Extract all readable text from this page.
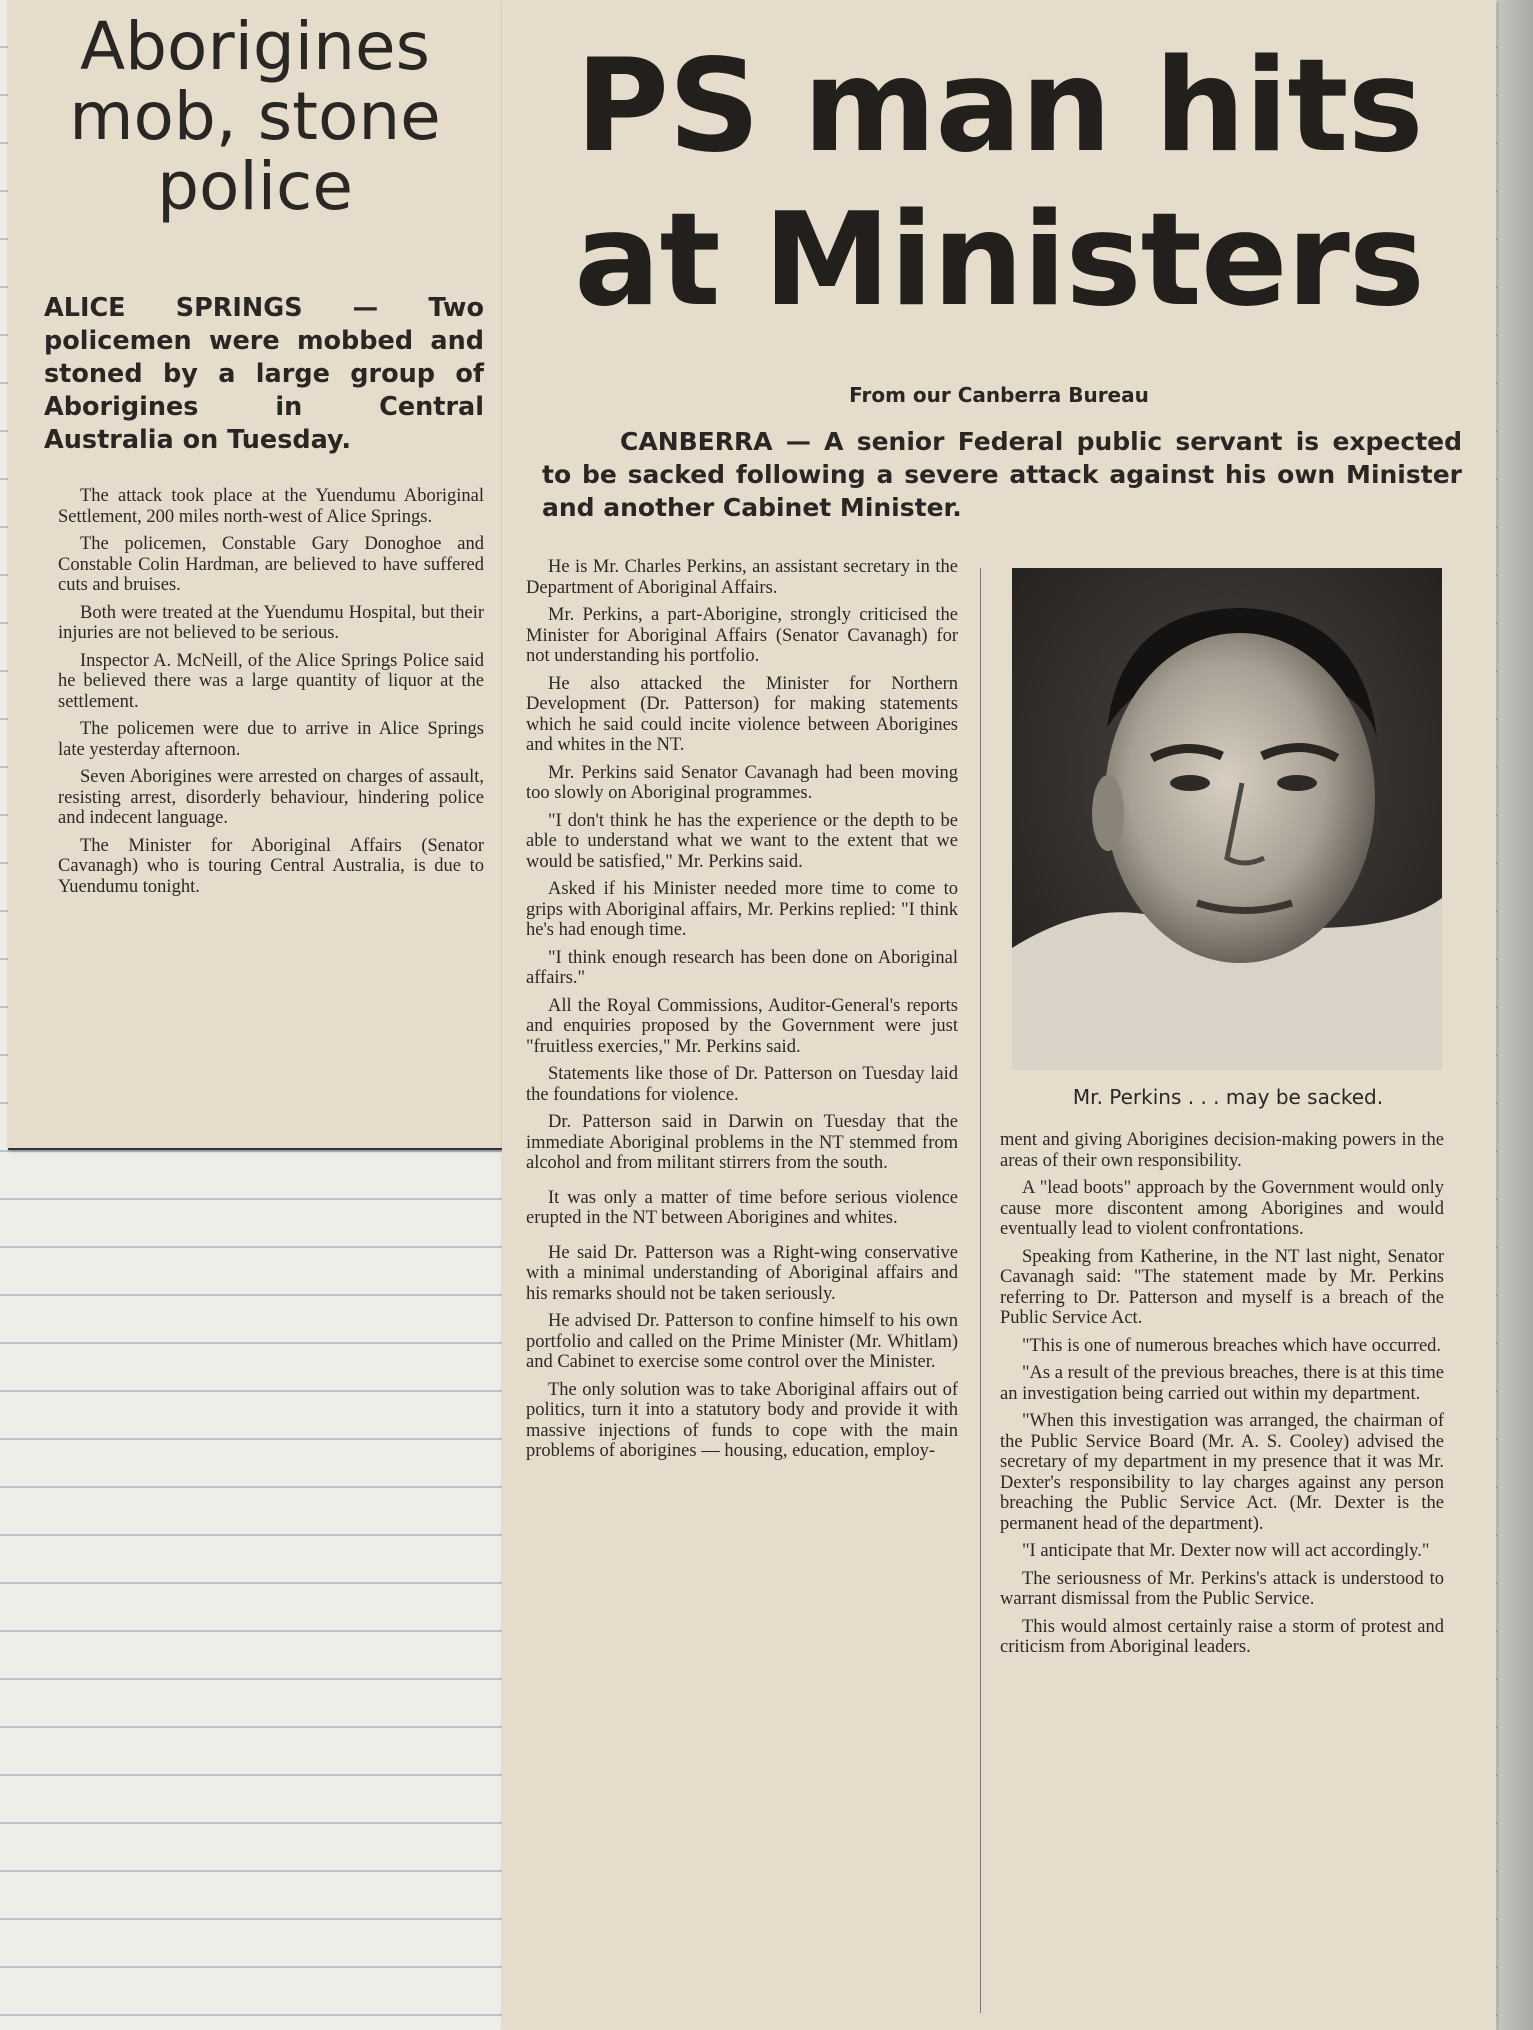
Aborigines mob, stone police

ALICE SPRINGS — Two policemen were mobbed and stoned by a large group of Aborigines in Central Australia on Tuesday.

The attack took place at the Yuendumu Aboriginal Settlement, 200 miles north-west of Alice Springs.

The policemen, Constable Gary Donoghoe and Constable Colin Hardman, are believed to have suffered cuts and bruises.

Both were treated at the Yuendumu Hospital, but their injuries are not believed to be serious.

Inspector A. McNeill, of the Alice Springs Police said he believed there was a large quantity of liquor at the settlement.

The policemen were due to arrive in Alice Springs late yesterday afternoon.

Seven Aborigines were arrested on charges of assault, resisting arrest, disorderly behaviour, hindering police and indecent language.

The Minister for Aboriginal Affairs (Senator Cavanagh) who is touring Central Australia, is due to Yuendumu tonight.

PS man hits
at Ministers
From our Canberra Bureau

CANBERRA — A senior Federal public servant is expected to be sacked following a severe attack against his own Minister and another Cabinet Minister.

He is Mr. Charles Perkins, an assistant secretary in the Department of Aboriginal Affairs.

Mr. Perkins, a part-Aborigine, strongly criticised the Minister for Aboriginal Affairs (Senator Cavanagh) for not understanding his portfolio.

He also attacked the Minister for Northern Development (Dr. Patterson) for making statements which he said could incite violence between Aborigines and whites in the NT.

Mr. Perkins said Senator Cavanagh had been moving too slowly on Aboriginal programmes.

"I don't think he has the experience or the depth to be able to understand what we want to the extent that we would be satisfied," Mr. Perkins said.

Asked if his Minister needed more time to come to grips with Aboriginal affairs, Mr. Perkins replied: "I think he's had enough time.

"I think enough research has been done on Aboriginal affairs."

All the Royal Commissions, Auditor-General's reports and enquiries proposed by the Government were just "fruitless exercies," Mr. Perkins said.

Statements like those of Dr. Patterson on Tuesday laid the foundations for violence.

Dr. Patterson said in Darwin on Tuesday that the immediate Aboriginal problems in the NT stemmed from alcohol and from militant stirrers from the south.

It was only a matter of time before serious violence erupted in the NT between Aborigines and whites.

He said Dr. Patterson was a Right-wing conservative with a minimal understanding of Aboriginal affairs and his remarks should not be taken seriously.

He advised Dr. Patterson to confine himself to his own portfolio and called on the Prime Minister (Mr. Whitlam) and Cabinet to exercise some control over the Minister.

The only solution was to take Aboriginal affairs out of politics, turn it into a statutory body and provide it with massive injections of funds to cope with the main problems of aborigines — housing, education, employ-

Mr. Perkins . . . may be sacked.

ment and giving Aborigines decision-making powers in the areas of their own responsibility.

A "lead boots" approach by the Government would only cause more discontent among Aborigines and would eventually lead to violent confrontations.

Speaking from Katherine, in the NT last night, Senator Cavanagh said: "The statement made by Mr. Perkins referring to Dr. Patterson and myself is a breach of the Public Service Act.

"This is one of numerous breaches which have occurred.

"As a result of the previous breaches, there is at this time an investigation being carried out within my department.

"When this investigation was arranged, the chairman of the Public Service Board (Mr. A. S. Cooley) advised the secretary of my department in my presence that it was Mr. Dexter's responsibility to lay charges against any person breaching the Public Service Act. (Mr. Dexter is the permanent head of the department).

"I anticipate that Mr. Dexter now will act accordingly."

The seriousness of Mr. Perkins's attack is understood to warrant dismissal from the Public Service.

This would almost certainly raise a storm of protest and criticism from Aboriginal leaders.
